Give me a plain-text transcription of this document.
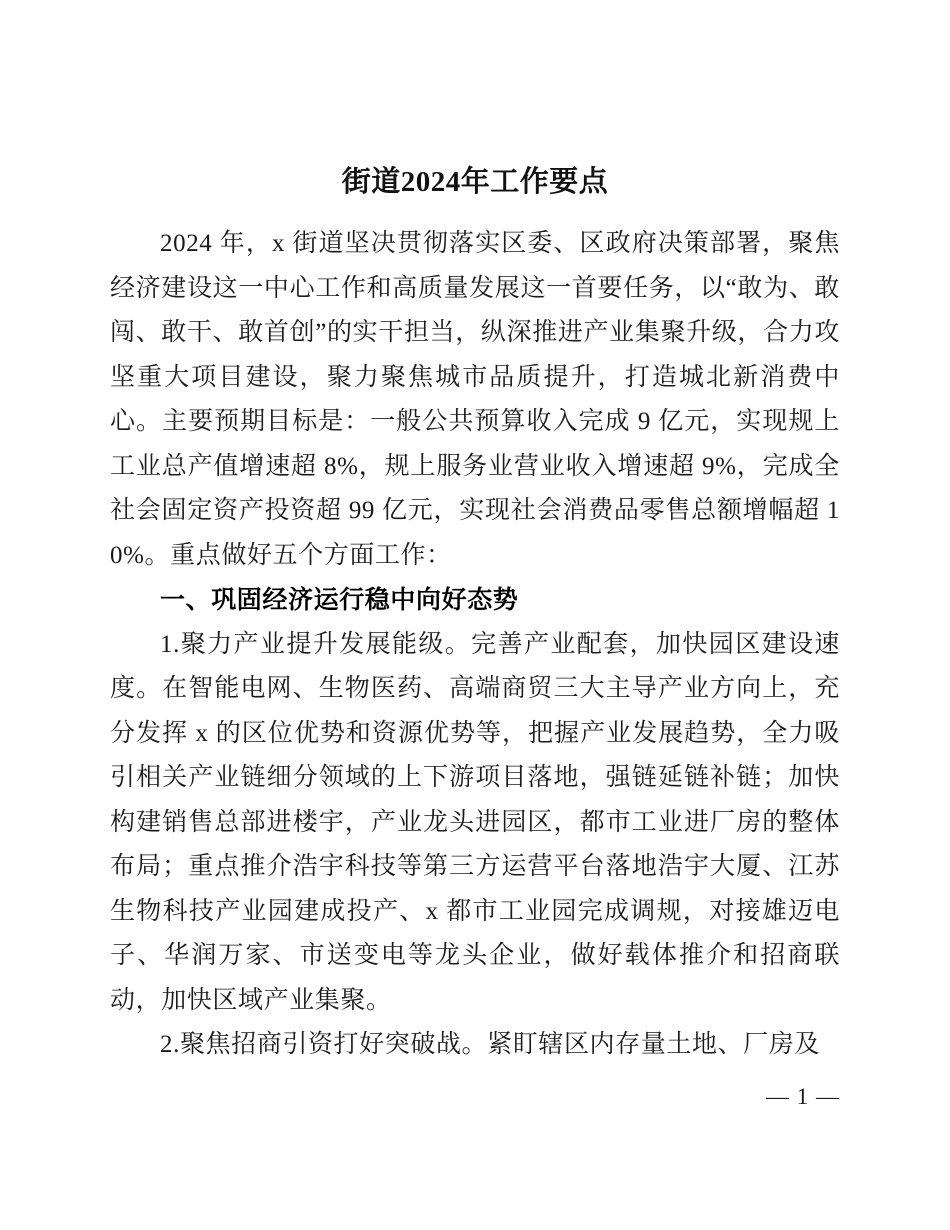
街道2024年工作要点

2024 年，x 街道坚决贯彻落实区委、区政府决策部署，聚焦经济建设这一中心工作和高质量发展这一首要任务，以“敢为、敢闯、敢干、敢首创”的实干担当，纵深推进产业集聚升级，合力攻坚重大项目建设，聚力聚焦城市品质提升，打造城北新消费中心。主要预期目标是：一般公共预算收入完成 9 亿元，实现规上工业总产值增速超 8%，规上服务业营业收入增速超 9%，完成全社会固定资产投资超 99 亿元，实现社会消费品零售总额增幅超 10%。重点做好五个方面工作：

一、巩固经济运行稳中向好态势

1.聚力产业提升发展能级。完善产业配套，加快园区建设速度。在智能电网、生物医药、高端商贸三大主导产业方向上，充分发挥 x 的区位优势和资源优势等，把握产业发展趋势，全力吸引相关产业链细分领域的上下游项目落地，强链延链补链；加快构建销售总部进楼宇，产业龙头进园区，都市工业进厂房的整体布局；重点推介浩宇科技等第三方运营平台落地浩宇大厦、江苏生物科技产业园建成投产、x 都市工业园完成调规，对接雄迈电子、华润万家、市送变电等龙头企业，做好载体推介和招商联动，加快区域产业集聚。

2.聚焦招商引资打好突破战。紧盯辖区内存量土地、厂房及

— 1 —
